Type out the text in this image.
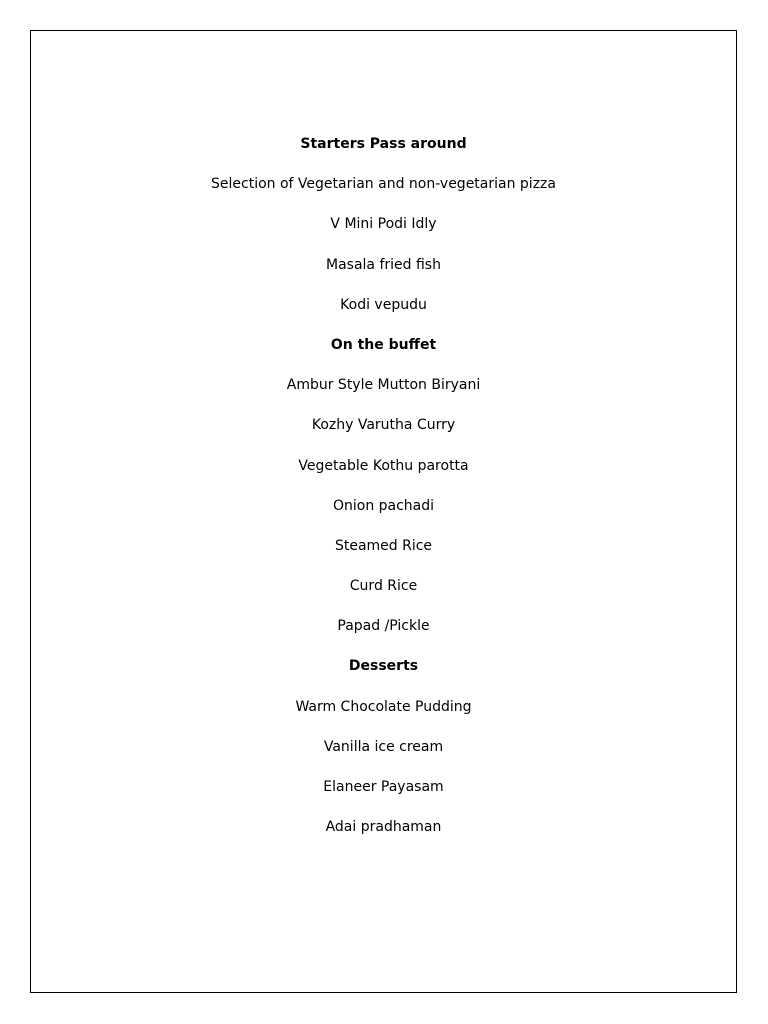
Starters Pass around
Selection of Vegetarian and non-vegetarian pizza
V Mini Podi Idly
Masala fried fish
Kodi vepudu
On the buffet
Ambur Style Mutton Biryani
Kozhy Varutha Curry
Vegetable Kothu parotta
Onion pachadi
Steamed Rice
Curd Rice
Papad /Pickle
Desserts
Warm Chocolate Pudding
Vanilla ice cream
Elaneer Payasam
Adai pradhaman
